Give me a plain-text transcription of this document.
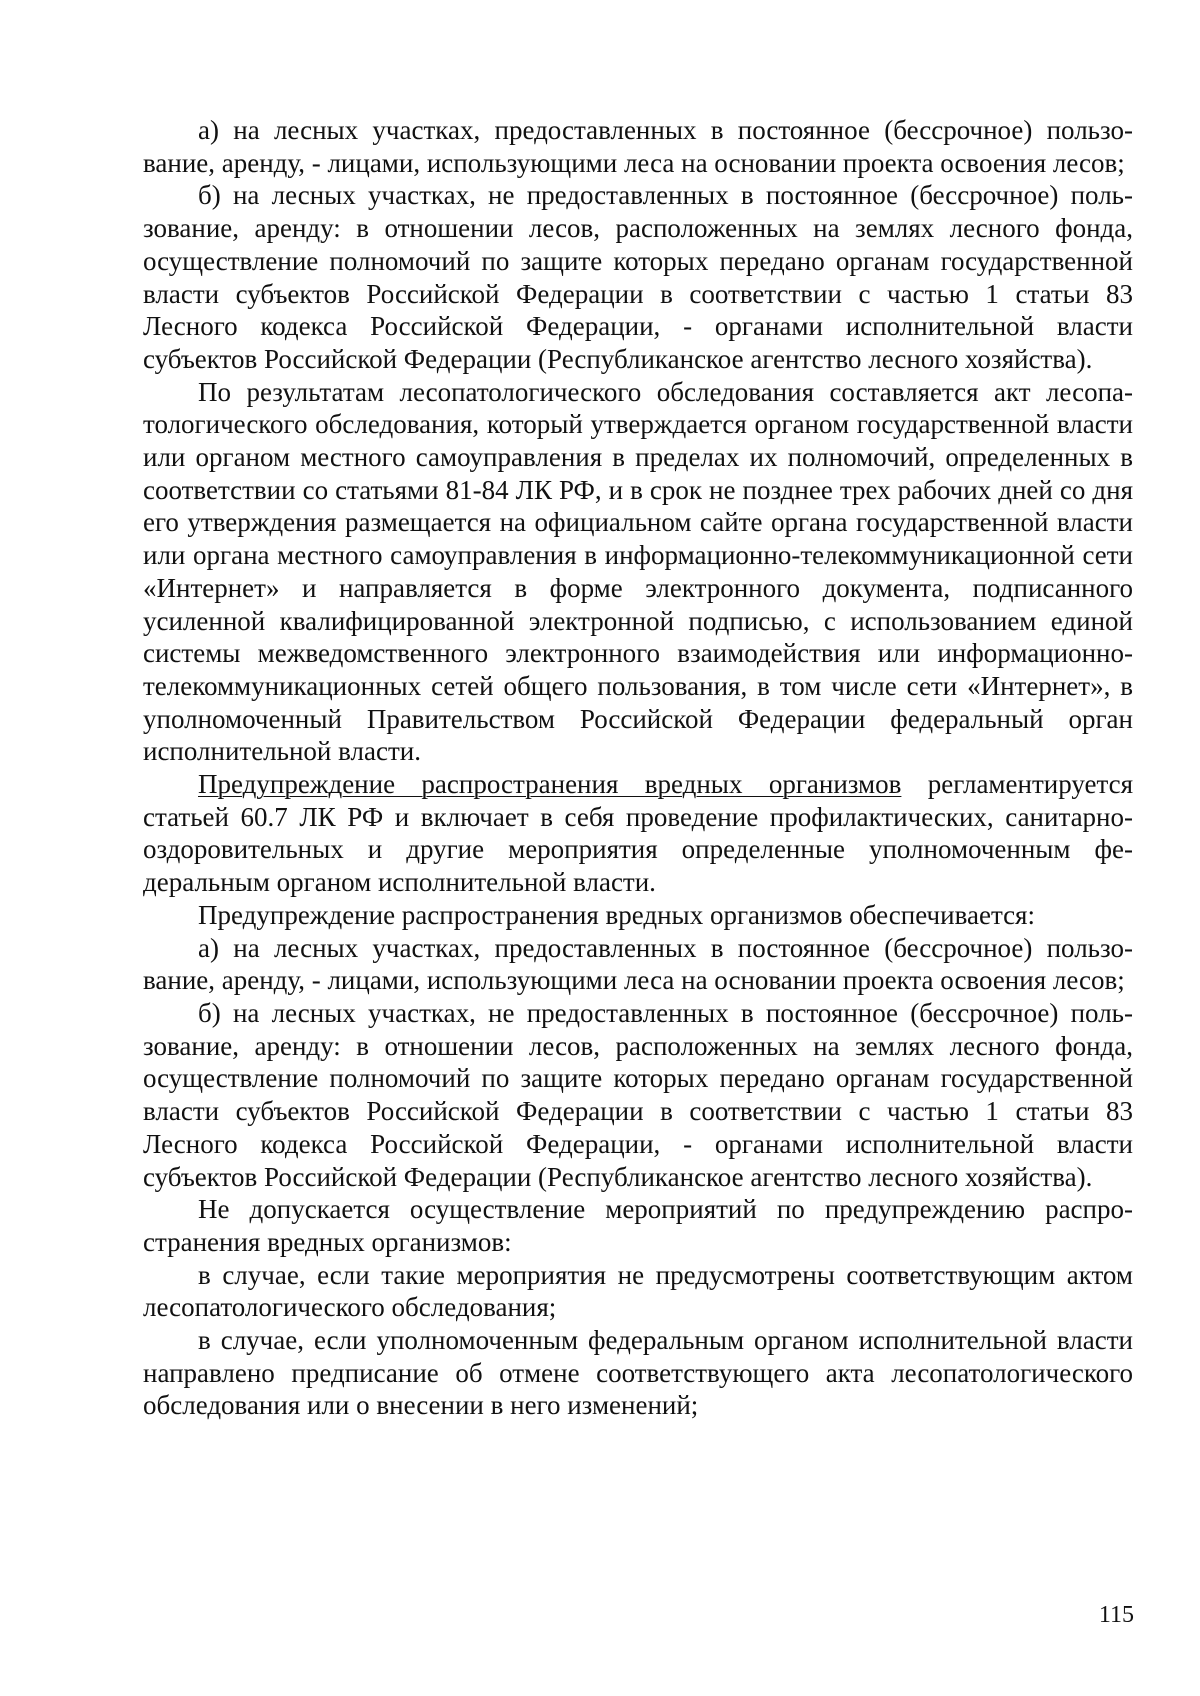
а) на лесных участках, предоставленных в постоянное (бессрочное) пользование, аренду, - лицами, использующими леса на основании проекта освоения лесов;

б) на лесных участках, не предоставленных в постоянное (бессрочное) пользование, аренду: в отношении лесов, расположенных на землях лесного фонда, осуществление полномочий по защите которых передано органам государственной власти субъектов Российской Федерации в соответствии с частью 1 статьи 83 Лесного кодекса Российской Федерации, - органами исполнительной власти субъектов Российской Федерации (Республиканское агентство лесного хозяйства).

По результатам лесопатологического обследования составляется акт лесопатологического обследования, который утверждается органом государственной власти или органом местного самоуправления в пределах их полномочий, определенных в соответствии со статьями 81-84 ЛК РФ, и в срок не позднее трех рабочих дней со дня его утверждения размещается на официальном сайте органа государственной власти или органа местного самоуправления в информационно-телекоммуникационной сети «Интернет» и направляется в форме электронного документа, подписанного усиленной квалифицированной электронной подписью, с использованием единой системы межведомственного электронного взаимодействия или информационно-телекоммуникационных сетей общего пользования, в том числе сети «Интернет», в уполномоченный Правительством Российской Федерации федеральный орган исполнительной власти.

Предупреждение распространения вредных организмов регламентируется статьей 60.7 ЛК РФ и включает в себя проведение профилактических, санитарно-оздоровительных и другие мероприятия определенные уполномоченным федеральным органом исполнительной власти.

Предупреждение распространения вредных организмов обеспечивается:

а) на лесных участках, предоставленных в постоянное (бессрочное) пользование, аренду, - лицами, использующими леса на основании проекта освоения лесов;

б) на лесных участках, не предоставленных в постоянное (бессрочное) пользование, аренду: в отношении лесов, расположенных на землях лесного фонда, осуществление полномочий по защите которых передано органам государственной власти субъектов Российской Федерации в соответствии с частью 1 статьи 83 Лесного кодекса Российской Федерации, - органами исполнительной власти субъектов Российской Федерации (Республиканское агентство лесного хозяйства).

Не допускается осуществление мероприятий по предупреждению распространения вредных организмов:

в случае, если такие мероприятия не предусмотрены соответствующим актом лесопатологического обследования;

в случае, если уполномоченным федеральным органом исполнительной власти направлено предписание об отмене соответствующего акта лесопатологического обследования или о внесении в него изменений;

115
